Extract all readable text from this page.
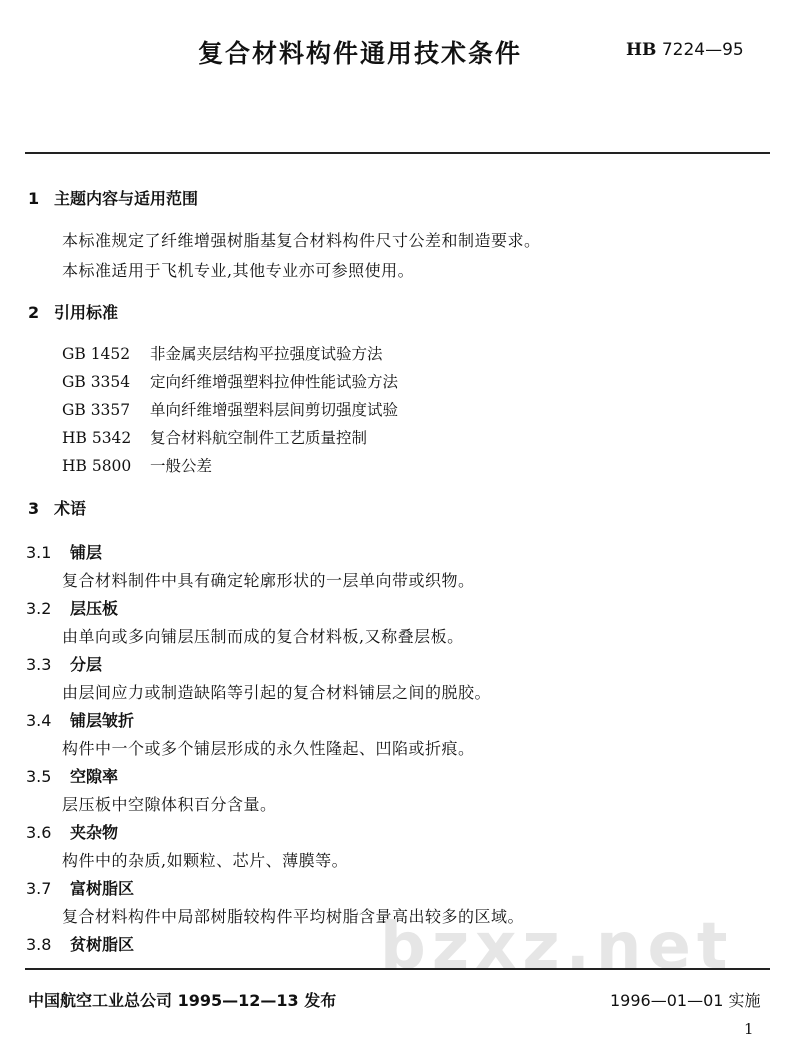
复合材料构件通用技术条件	HB 7224—95
1 主题内容与适用范围
本标准规定了纤维增强树脂基复合材料构件尺寸公差和制造要求。
本标准适用于飞机专业,其他专业亦可参照使用。
2 引用标准
GB 1452 非金属夹层结构平拉强度试验方法
GB 3354 定向纤维增强塑料拉伸性能试验方法
GB 3357 单向纤维增强塑料层间剪切强度试验
HB 5342 复合材料航空制件工艺质量控制
HB 5800 一般公差
3 术语
3.1 铺层
复合材料制件中具有确定轮廓形状的一层单向带或织物。
3.2 层压板
由单向或多向铺层压制而成的复合材料板,又称叠层板。
3.3 分层
由层间应力或制造缺陷等引起的复合材料铺层之间的脱胶。
3.4 铺层皱折
构件中一个或多个铺层形成的永久性隆起、凹陷或折痕。
3.5 空隙率
层压板中空隙体积百分含量。
3.6 夹杂物
构件中的杂质,如颗粒、芯片、薄膜等。
3.7 富树脂区
复合材料构件中局部树脂较构件平均树脂含量高出较多的区域。
3.8 贫树脂区	bzxz.net
中国航空工业总公司 1995—12—13 发布	1996—01—01 实施
1
